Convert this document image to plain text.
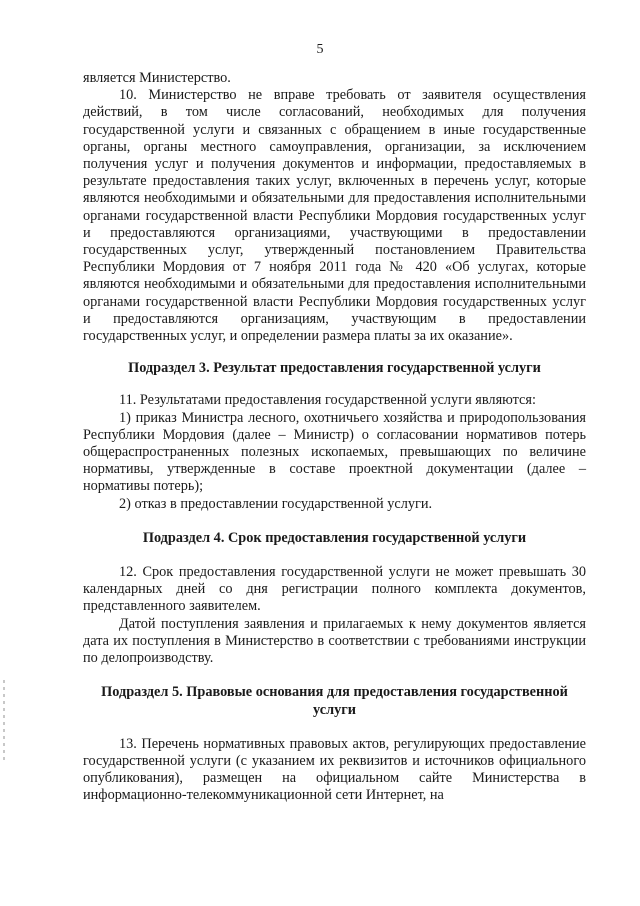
5

является Министерство.

10. Министерство не вправе требовать от заявителя осуществления действий, в том числе согласований, необходимых для получения государственной услуги и связанных с обращением в иные государственные органы, органы местного самоуправления, организации, за исключением получения услуг и получения документов и информации, предоставляемых в результате предоставления таких услуг, включенных в перечень услуг, которые являются необходимыми и обязательными для предоставления исполнительными органами государственной власти Республики Мордовия государственных услуг и предоставляются организациями, участвующими в предоставлении государственных услуг, утвержденный постановлением Правительства Республики Мордовия от 7 ноября 2011 года № 420 «Об услугах, которые являются необходимыми и обязательными для предоставления исполнительными органами государственной власти Республики Мордовия государственных услуг и предоставляются организациям, участвующим в предоставлении государственных услуг, и определении размера платы за их оказание».

Подраздел 3. Результат предоставления государственной услуги

11. Результатами предоставления государственной услуги являются:

1) приказ Министра лесного, охотничьего хозяйства и природопользования Республики Мордовия (далее – Министр) о согласовании нормативов потерь общераспространенных полезных ископаемых, превышающих по величине нормативы, утвержденные в составе проектной документации (далее – нормативы потерь);

2) отказ в предоставлении государственной услуги.

Подраздел 4. Срок предоставления государственной услуги

12. Срок предоставления государственной услуги не может превышать 30 календарных дней со дня регистрации полного комплекта документов, представленного заявителем.

Датой поступления заявления и прилагаемых к нему документов является дата их поступления в Министерство в соответствии с требованиями инструкции по делопроизводству.

Подраздел 5. Правовые основания для предоставления государственной услуги

13. Перечень нормативных правовых актов, регулирующих предоставление государственной услуги (с указанием их реквизитов и источников официального опубликования), размещен на официальном сайте Министерства в информационно-телекоммуникационной сети Интернет, на
